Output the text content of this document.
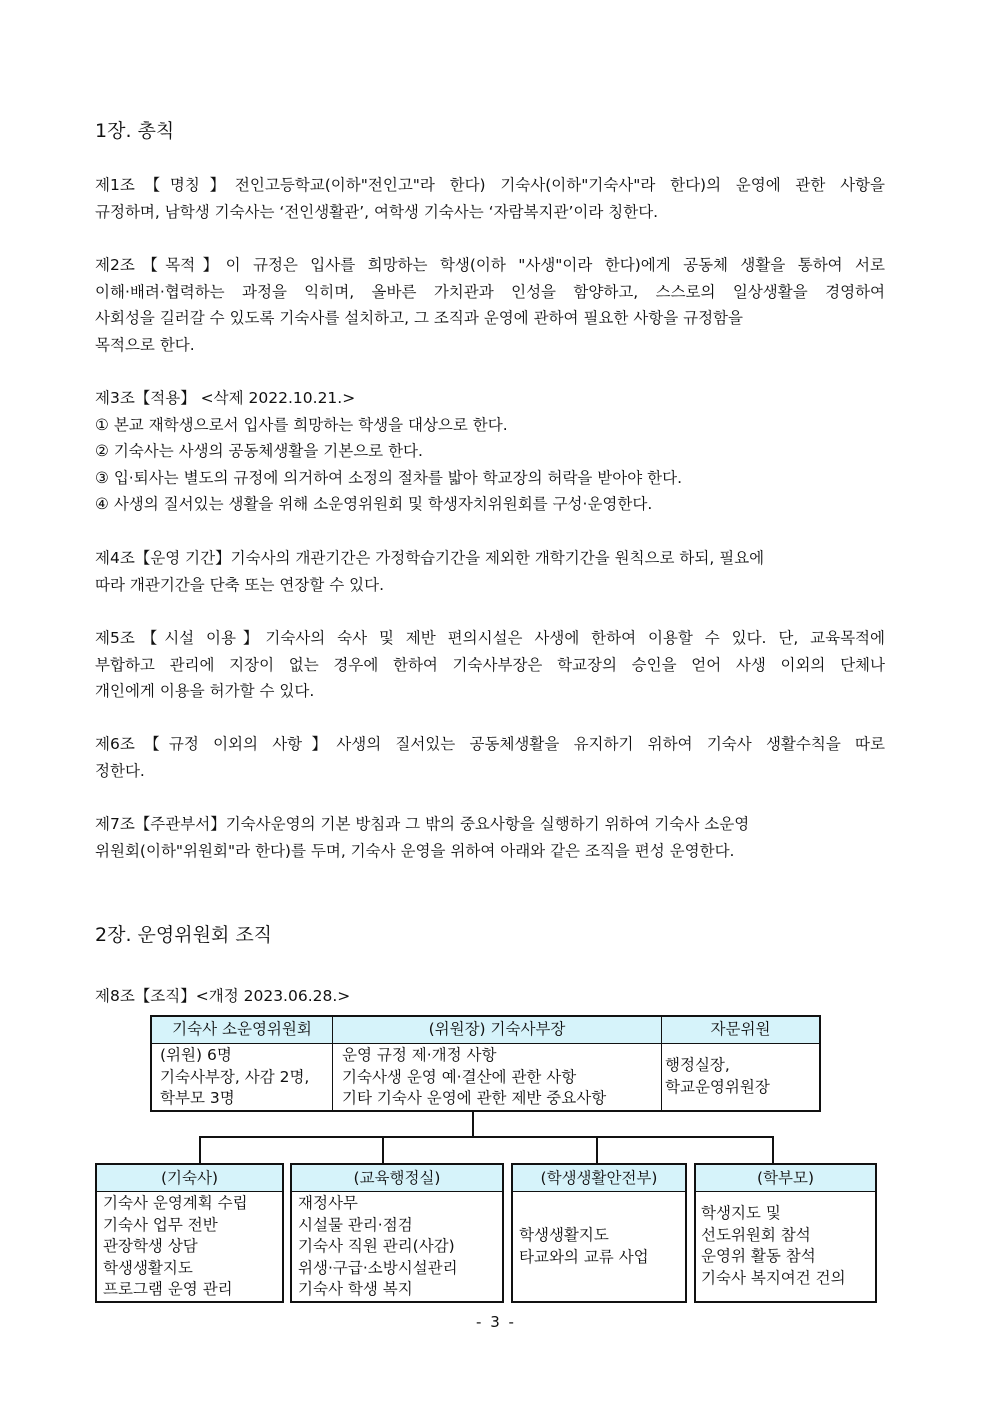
1장. 총칙
제1조【명칭】전인고등학교(이하"전인고"라 한다) 기숙사(이하"기숙사"라 한다)의 운영에 관한 사항을
규정하며, 남학생 기숙사는 ‘전인생활관’, 여학생 기숙사는 ‘자람복지관’이라 칭한다.
제2조【목적】이 규정은 입사를 희망하는 학생(이하 "사생"이라 한다)에게 공동체 생활을 통하여 서로
이해·배려·협력하는 과정을 익히며, 올바른 가치관과 인성을 함양하고, 스스로의 일상생활을 경영하여
사회성을 길러갈 수 있도록 기숙사를 설치하고, 그 조직과 운영에 관하여 필요한 사항을 규정함을
목적으로 한다.
제3조【적용】 <삭제 2022.10.21.>
① 본교 재학생으로서 입사를 희망하는 학생을 대상으로 한다.
② 기숙사는 사생의 공동체생활을 기본으로 한다.
③ 입·퇴사는 별도의 규정에 의거하여 소정의 절차를 밟아 학교장의 허락을 받아야 한다.
④ 사생의 질서있는 생활을 위해 소운영위원회 및 학생자치위원회를 구성·운영한다.
제4조【운영 기간】기숙사의 개관기간은 가정학습기간을 제외한 개학기간을 원칙으로 하되, 필요에
따라 개관기간을 단축 또는 연장할 수 있다.
제5조【시설 이용】기숙사의 숙사 및 제반 편의시설은 사생에 한하여 이용할 수 있다. 단, 교육목적에
부합하고 관리에 지장이 없는 경우에 한하여 기숙사부장은 학교장의 승인을 얻어 사생 이외의 단체나
개인에게 이용을 허가할 수 있다.
제6조【규정 이외의 사항】사생의 질서있는 공동체생활을 유지하기 위하여 기숙사 생활수칙을 따로
정한다.
제7조【주관부서】기숙사운영의 기본 방침과 그 밖의 중요사항을 실행하기 위하여 기숙사 소운영
위원회(이하"위원회"라 한다)를 두며, 기숙사 운영을 위하여 아래와 같은 조직을 편성 운영한다.
2장. 운영위원회 조직
제8조【조직】<개정 2023.06.28.>
기숙사 소운영위원회	(위원장) 기숙사부장	자문위원
(위원) 6명
기숙사부장, 사감 2명,
학부모 3명
운영 규정 제·개정 사항
기숙사생 운영 예·결산에 관한 사항
기타 기숙사 운영에 관한 제반 중요사항
행정실장,
학교운영위원장
(기숙사)
기숙사 운영계획 수립
기숙사 업무 전반
관장학생 상담
학생생활지도
프로그램 운영 관리
(교육행정실)
재정사무
시설물 관리·점검
기숙사 직원 관리(사감)
위생·구급·소방시설관리
기숙사 학생 복지
(학생생활안전부)
학생생활지도
타교와의 교류 사업
(학부모)
학생지도 및
선도위원회 참석
운영위 활동 참석
기숙사 복지여건 건의
- 3 -
